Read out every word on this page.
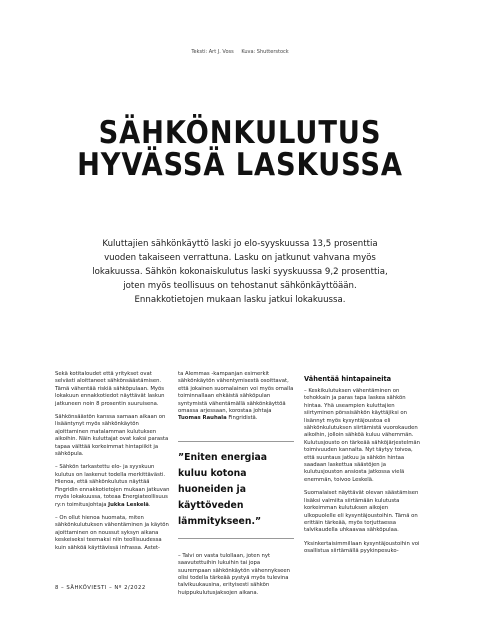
Teksti: Art J. Voss Kuva: Shutterstock
SÄHKÖNKULUTUS
HYVÄSSÄ LASKUSSA
Kuluttajien sähkönkäyttö laski jo elo-syyskuussa 13,5 prosenttia vuoden takaiseen verrattuna. Lasku on jatkunut vahvana myös lokakuussa. Sähkön kokonaiskulutus laski syyskuussa 9,2 prosenttia, joten myös teollisuus on tehostanut sähkönkäyttöään. Ennakkotietojen mukaan lasku jatkui lokakuussa.

Sekä kotitaloudet että yritykset ovat selvästi aloittaneet sähkönsäästämisen. Tämä vähentää riskiä sähköpulaan. Myös lokakuun ennakkotiedot näyttävät laskun jatkuneen noin 8 prosentin suuruisena.

Sähkönsäästön kanssa samaan aikaan on lisääntynyt myös sähkönkäytön ajoittaminen matalamman kulutuksen aikoihin. Näin kuluttajat ovat kaksi parasta tapaa välttää korkeimmat hintapiikit ja sähköpula.

– Sähkön tarkastettu elo- ja syyskuun kulutus on laskenut todella merkittävästi. Hienoa, että sähkönkulutus näyttää Fingridin ennakkotietojen mukaan jatkuvan myös lokakuussa, toteaa Energiateollisuus ry:n toimitusjohtaja Jukka Leskelä.

– On ollut hienoa huomata, miten sähkönkulutuksen vähentäminen ja käytön ajoittaminen on noussut syksyn aikana keskeiseksi teemaksi niin teollisuudessa kuin sähköä käyttävissä infrassa. Astet-

ta Alemmas -kampanjan esimerkit sähkönkäytön vähentymisestä osoittavat, että jokainen suomalainen voi myös omalla toiminnallaan ehkäistä sähköpulan syntymistä vähentämällä sähkönkäyttöä omassa arjessaan, korostaa johtaja Tuomas Rauhala Fingridistä.

”Eniten energiaa kuluu kotona huoneiden ja käyttöveden lämmitykseen.”

– Talvi on vasta tulollaan, joten nyt saavutettuihin lukuihin tai jopa suurempaan sähkönkäytön vähennykseen olisi todella tärkeää pystyä myös tulevina talvikuukausina, erityisesti sähkön huippukulutusjaksojen aikana.

Vähentää hintapaineita

– Keskikulutuksen vähentäminen on tehokkain ja paras tapa laskea sähkön hintaa. Yhä useampien kuluttajien siirtyminen pörssisähkön käyttäjiksi on lisännyt myös kysyntäjoustoa eli sähkönkulutuksen siirtämistä vuorokauden aikoihin, jolloin sähköä kuluu vähemmän. Kulutusjousto on tärkeää sähköjärjestelmän toimivuuden kannalta. Nyt täytyy toivoa, että suuntaus jatkuu ja sähkön hintaa saadaan laskettua säästöjen ja kulutusjouston ansiosta jatkossa vielä enemmän, toivoo Leskelä.

Suomalaiset näyttävät olevan säästämisen lisäksi valmiita siirtämään kulutusta korkeimman kulutuksen aikojen ulkopuolelle eli kysyntäjoustoihin. Tämä on erittäin tärkeää, myös torjuttaessa talvikaudella uhkaavaa sähköpulaa.

Yksinkertaisimmillaan kysyntäjoustoihin voi osallistua siirtämällä pyykinpesuko-

8 – SÄHKÖVIESTI – Nº 2/2022
